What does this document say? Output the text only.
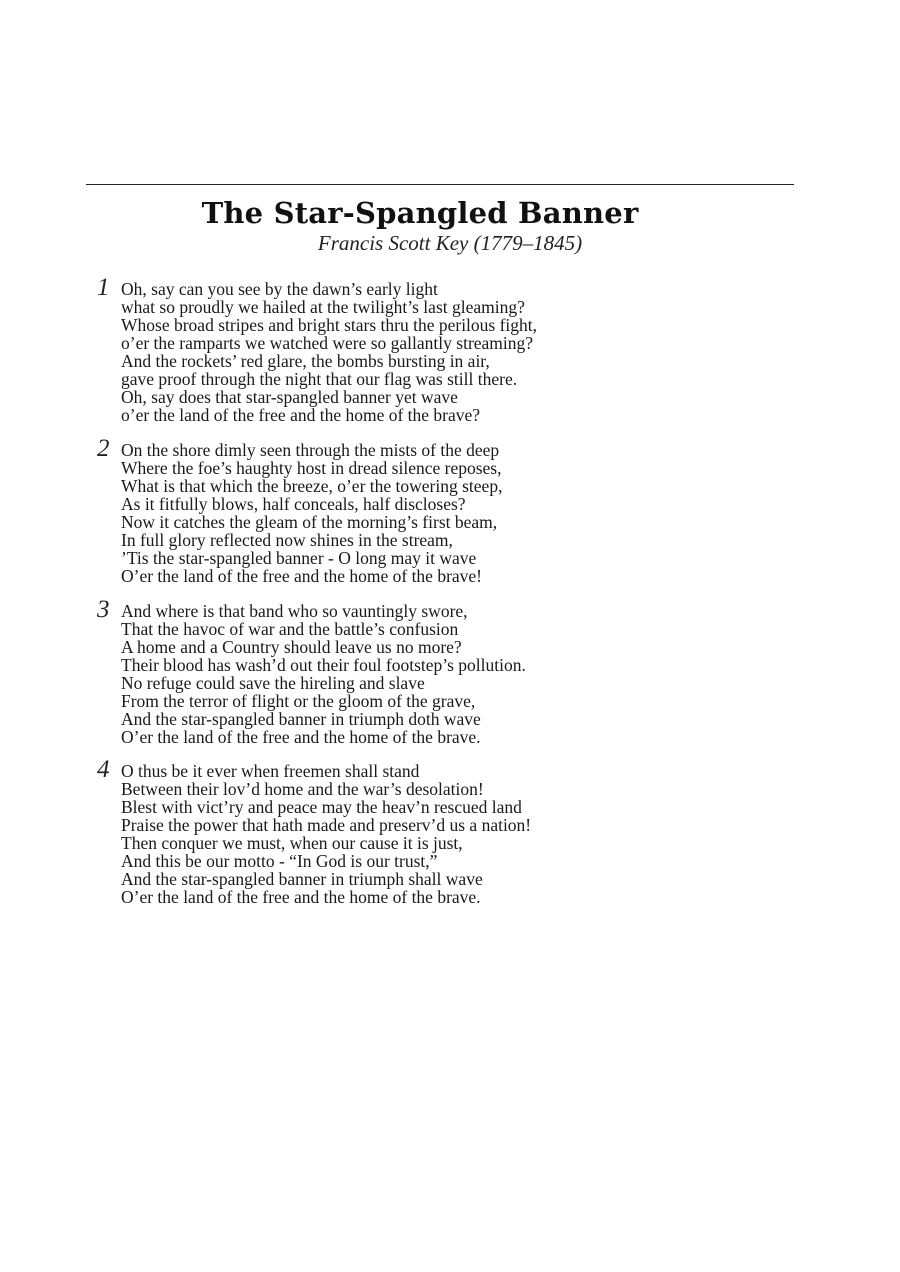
The Star-Spangled Banner
Francis Scott Key (1779–1845)
1 Oh, say can you see by the dawn’s early light
what so proudly we hailed at the twilight’s last gleaming?
Whose broad stripes and bright stars thru the perilous fight,
o’er the ramparts we watched were so gallantly streaming?
And the rockets’ red glare, the bombs bursting in air,
gave proof through the night that our flag was still there.
Oh, say does that star-spangled banner yet wave
o’er the land of the free and the home of the brave?
2 On the shore dimly seen through the mists of the deep
Where the foe’s haughty host in dread silence reposes,
What is that which the breeze, o’er the towering steep,
As it fitfully blows, half conceals, half discloses?
Now it catches the gleam of the morning’s first beam,
In full glory reflected now shines in the stream,
’Tis the star-spangled banner - O long may it wave
O’er the land of the free and the home of the brave!
3 And where is that band who so vauntingly swore,
That the havoc of war and the battle’s confusion
A home and a Country should leave us no more?
Their blood has wash’d out their foul footstep’s pollution.
No refuge could save the hireling and slave
From the terror of flight or the gloom of the grave,
And the star-spangled banner in triumph doth wave
O’er the land of the free and the home of the brave.
4 O thus be it ever when freemen shall stand
Between their lov’d home and the war’s desolation!
Blest with vict’ry and peace may the heav’n rescued land
Praise the power that hath made and preserv’d us a nation!
Then conquer we must, when our cause it is just,
And this be our motto - “In God is our trust,”
And the star-spangled banner in triumph shall wave
O’er the land of the free and the home of the brave.
